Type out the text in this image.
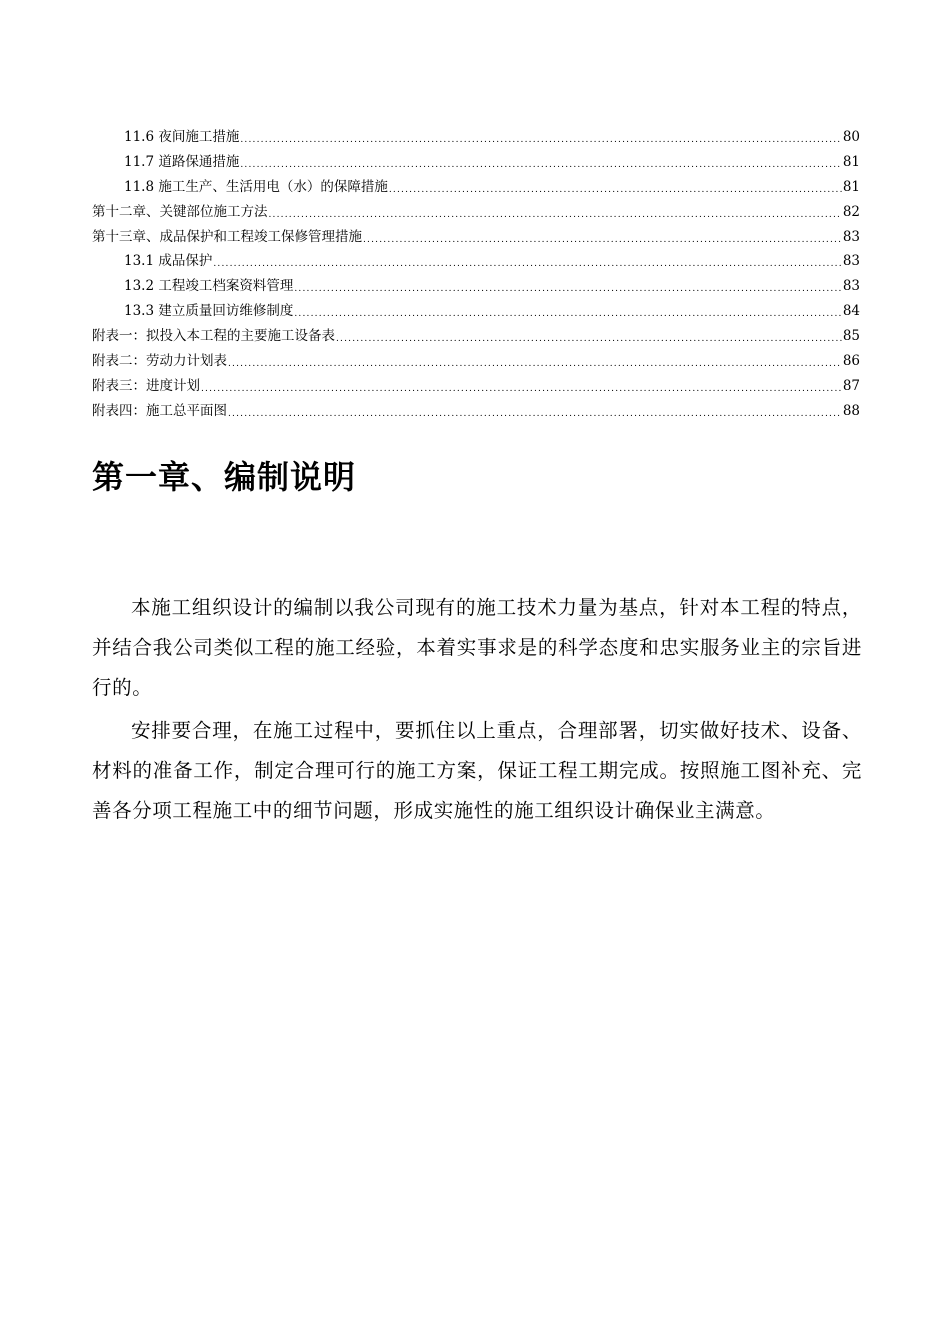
11.6 夜间施工措施 .....	80
11.7 道路保通措施 .....	81
11.8 施工生产、生活用电（水）的保障措施 .....	81
第十二章、关键部位施工方法 .....	82
第十三章、成品保护和工程竣工保修管理措施 .....	83
13.1 成品保护 .....	83
13.2 工程竣工档案资料管理 .....	83
13.3 建立质量回访维修制度 .....	84
附表一：拟投入本工程的主要施工设备表 .....	85
附表二：劳动力计划表 .....	86
附表三：进度计划 .....	87
附表四：施工总平面图 .....	88
第一章、编制说明

本施工组织设计的编制以我公司现有的施工技术力量为基点，针对本工程的特点，并结合我公司类似工程的施工经验，本着实事求是的科学态度和忠实服务业主的宗旨进行的。

安排要合理，在施工过程中，要抓住以上重点，合理部署，切实做好技术、设备、材料的准备工作，制定合理可行的施工方案，保证工程工期完成。按照施工图补充、完善各分项工程施工中的细节问题，形成实施性的施工组织设计确保业主满意。
